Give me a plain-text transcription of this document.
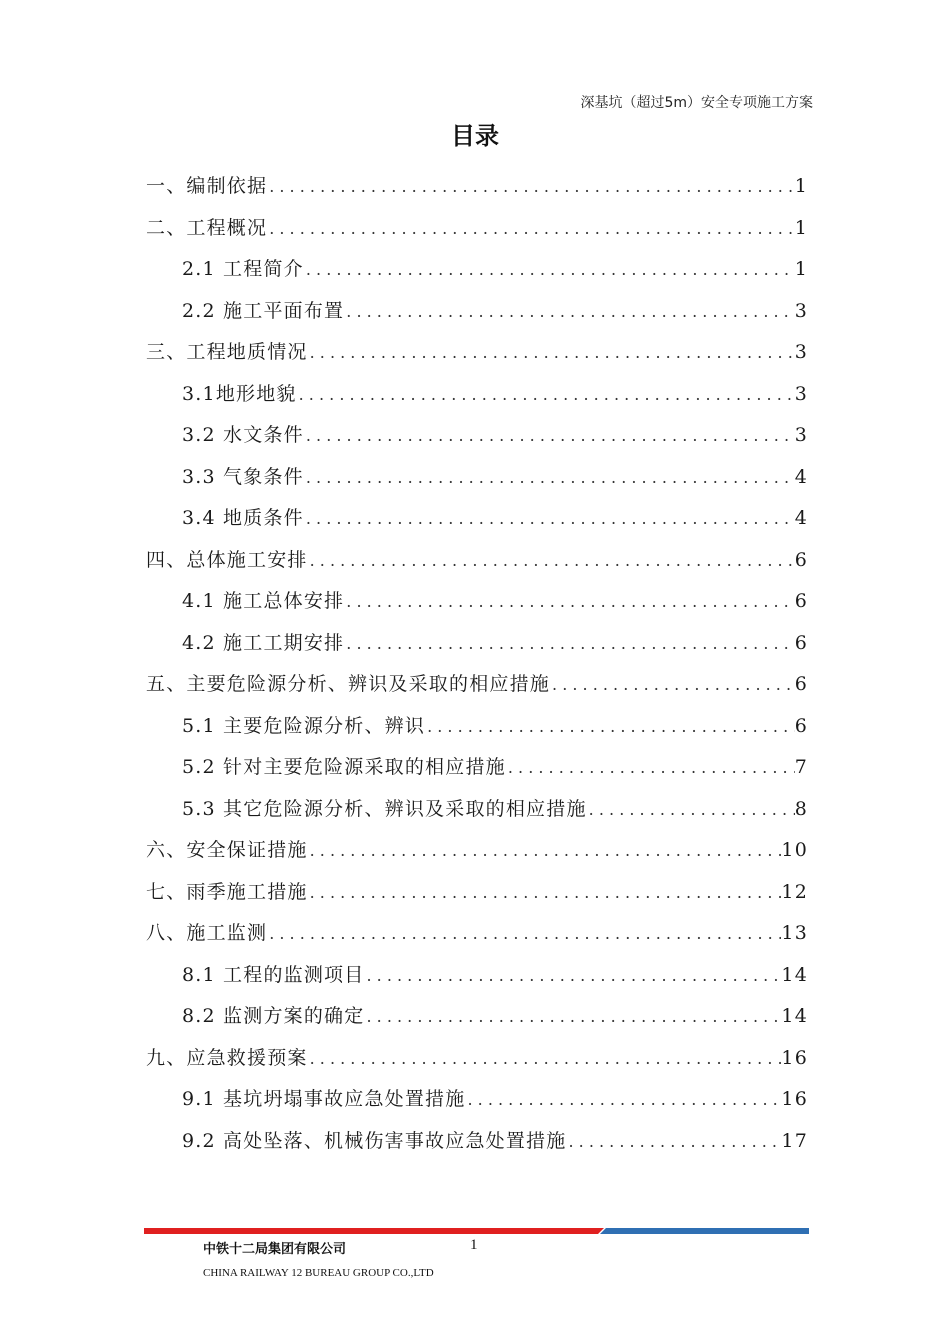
深基坑（超过5m）安全专项施工方案
目录
一、编制依据 . . .	1
二、工程概况 . . .	1
2.1 工程简介 . . .	1
2.2 施工平面布置 . . .	3
三、工程地质情况 . . .	3
3.1地形地貌 . . .	3
3.2 水文条件 . . .	3
3.3 气象条件 . . .	4
3.4 地质条件 . . .	4
四、总体施工安排 . . .	6
4.1 施工总体安排 . . .	6
4.2 施工工期安排 . . .	6
五、主要危险源分析、辨识及采取的相应措施 . . .	6
5.1 主要危险源分析、辨识 . . .	6
5.2 针对主要危险源采取的相应措施 . . .	7
5.3 其它危险源分析、辨识及采取的相应措施 . . .	8
六、安全保证措施 . . .	10
七、雨季施工措施 . . .	12
八、施工监测 . . .	13
8.1 工程的监测项目 . . .	14
8.2 监测方案的确定 . . .	14
九、应急救援预案 . . .	16
9.1 基坑坍塌事故应急处置措施 . . .	16
9.2 高处坠落、机械伤害事故应急处置措施 . . .	17
中铁十二局集团有限公司	1
CHINA RAILWAY 12 BUREAU GROUP CO.,LTD
